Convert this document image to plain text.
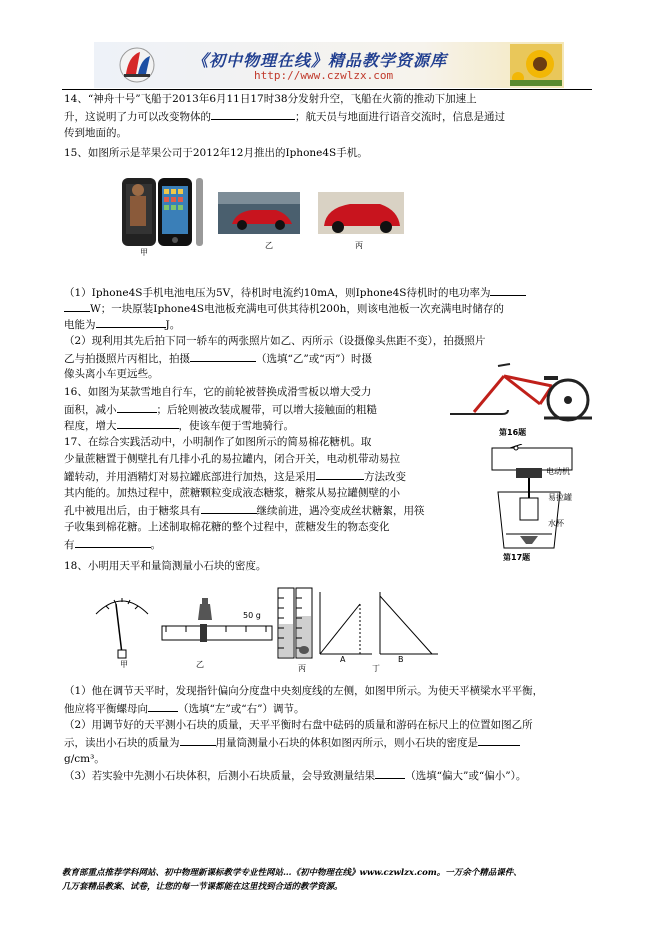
《初中物理在线》精品教学资源库
http://www.czwlzx.com
14、“神舟十号”飞船于2013年6月11日17时38分发射升空，飞船在火箭的推动下加速上
升，这说明了力可以改变物体的	；航天员与地面进行语音交流时，信息是通过
传到地面的。
15、如图所示是苹果公司于2012年12月推出的Iphone4S手机。
甲
乙	丙
（1）Iphone4S手机电池电压为5V，待机时电流约10mA，则Iphone4S待机时的电功率为
W；一块原装Iphone4S电池板充满电可供其待机200h，则该电池板一次充满电时储存的
电能为	J。
（2）现利用其先后拍下同一轿车的两张照片如乙、丙所示（设摄像头焦距不变），拍摄照片
乙与拍摄照片丙相比，拍摄	（选填“乙”或“丙”）时摄
像头离小车更远些。
第16题
16、如图为某款雪地自行车，它的前轮被替换成滑雪板以增大受力
面积，减小	；后轮则被改装成履带，可以增大接触面的粗糙
程度，增大	，使该车便于雪地骑行。
17、在综合实践活动中，小明制作了如图所示的简易棉花糖机。取
少量蔗糖置于侧壁扎有几排小孔的易拉罐内，闭合开关，电动机带动易拉
罐转动，并用酒精灯对易拉罐底部进行加热，这是采用	方法改变
其内能的。加热过程中，蔗糖颗粒变成液态糖浆，糖浆从易拉罐侧壁的小
孔中被甩出后，由于糖浆具有	继续前进，遇冷变成丝状糖絮，用筷
子收集到棉花糖。上述制取棉花糖的整个过程中，蔗糖发生的物态变化
有	。
电动机
易拉罐
水杯
第17题
18、小明用天平和量筒测量小石块的密度。
50 g
甲	乙	丙	丁
A	B
（1）他在调节天平时，发现指针偏向分度盘中央刻度线的左侧，如图甲所示。为使天平横梁水平平衡，
他应将平衡螺母向	（选填“左”或“右”）调节。
（2）用调节好的天平测小石块的质量，天平平衡时右盘中砝码的质量和游码在标尺上的位置如图乙所
示，读出小石块的质量为	用量筒测量小石块的体积如图丙所示，则小石块的密度是
g/cm³。
（3）若实验中先测小石块体积，后测小石块质量，会导致测量结果	（选填“偏大”或“偏小”）。
教育部重点推荐学科网站、初中物理新课标教学专业性网站…《初中物理在线》www.czwlzx.com。一万余个精品课件、
几万套精品教案、试卷，让您的每一节课都能在这里找到合适的教学资源。
